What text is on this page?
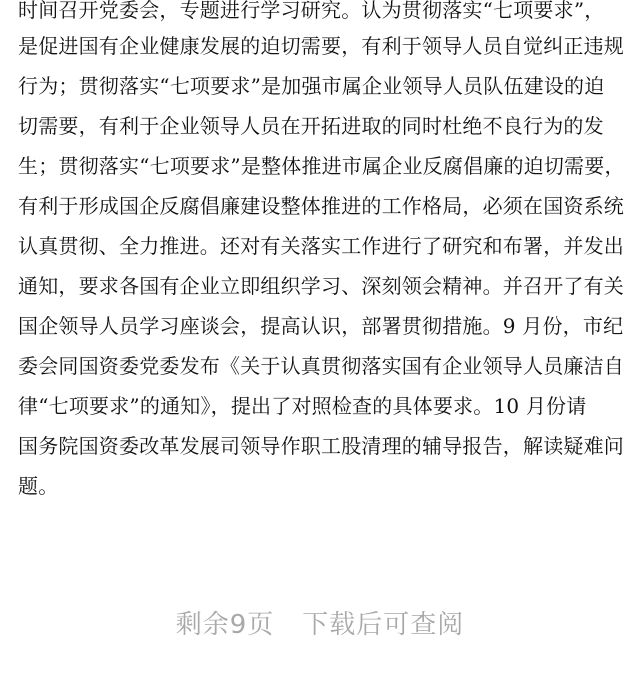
时间召开党委会，专题进行学习研究。认为贯彻落实“七项要求”，
是促进国有企业健康发展的迫切需要，有利于领导人员自觉纠正违规
行为；贯彻落实“七项要求”是加强市属企业领导人员队伍建设的迫
切需要，有利于企业领导人员在开拓进取的同时杜绝不良行为的发
生；贯彻落实“七项要求”是整体推进市属企业反腐倡廉的迫切需要，
有利于形成国企反腐倡廉建设整体推进的工作格局，必须在国资系统
认真贯彻、全力推进。还对有关落实工作进行了研究和布署，并发出
通知，要求各国有企业立即组织学习、深刻领会精神。并召开了有关
国企领导人员学习座谈会，提高认识，部署贯彻措施。9 月份，市纪
委会同国资委党委发布《关于认真贯彻落实国有企业领导人员廉洁自
律“七项要求”的通知》，提出了对照检查的具体要求。10 月份请
国务院国资委改革发展司领导作职工股清理的辅导报告，解读疑难问
题。
剩余9页 下载后可查阅
